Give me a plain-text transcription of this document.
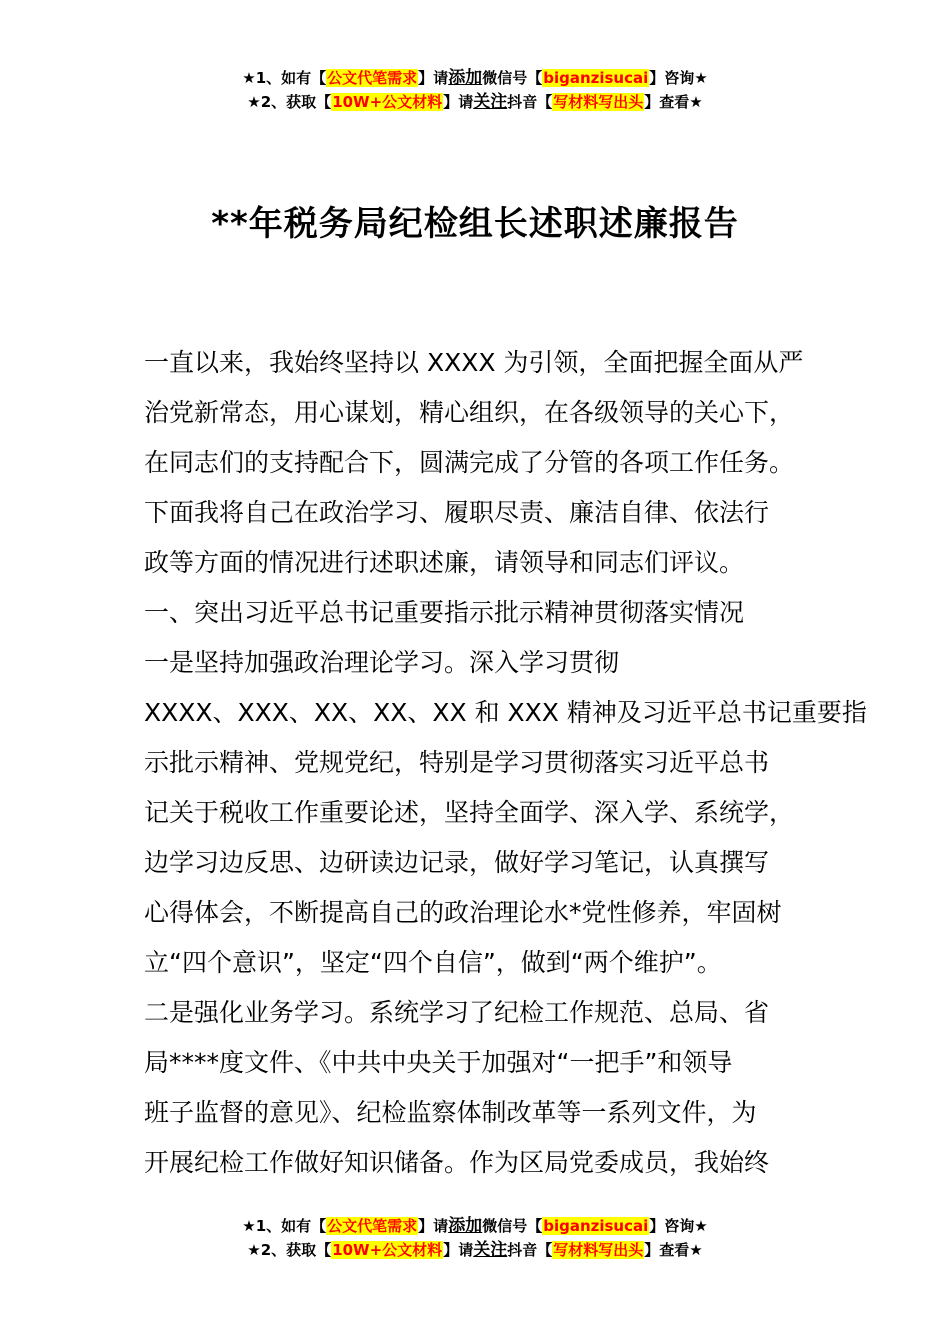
★1、如有【公文代笔需求】请添加微信号【biganzisucai】咨询★
★2、获取【10W+公文材料】请关注抖音【写材料写出头】查看★
**年税务局纪检组长述职述廉报告

一直以来，我始终坚持以 XXXX 为引领，全面把握全面从严

治党新常态，用心谋划，精心组织，在各级领导的关心下，

在同志们的支持配合下，圆满完成了分管的各项工作任务。

下面我将自己在政治学习、履职尽责、廉洁自律、依法行

政等方面的情况进行述职述廉，请领导和同志们评议。

一、突出习近平总书记重要指示批示精神贯彻落实情况

一是坚持加强政治理论学习。深入学习贯彻

XXXX、XXX、XX、XX、XX 和 XXX 精神及习近平总书记重要指

示批示精神、党规党纪，特别是学习贯彻落实习近平总书

记关于税收工作重要论述，坚持全面学、深入学、系统学，

边学习边反思、边研读边记录，做好学习笔记，认真撰写

心得体会，不断提高自己的政治理论水*党性修养，牢固树

立“四个意识”，坚定“四个自信”，做到“两个维护”。

二是强化业务学习。系统学习了纪检工作规范、总局、省

局****度文件、《中共中央关于加强对“一把手”和领导

班子监督的意见》、纪检监察体制改革等一系列文件，为

开展纪检工作做好知识储备。作为区局党委成员，我始终

★1、如有【公文代笔需求】请添加微信号【biganzisucai】咨询★
★2、获取【10W+公文材料】请关注抖音【写材料写出头】查看★
